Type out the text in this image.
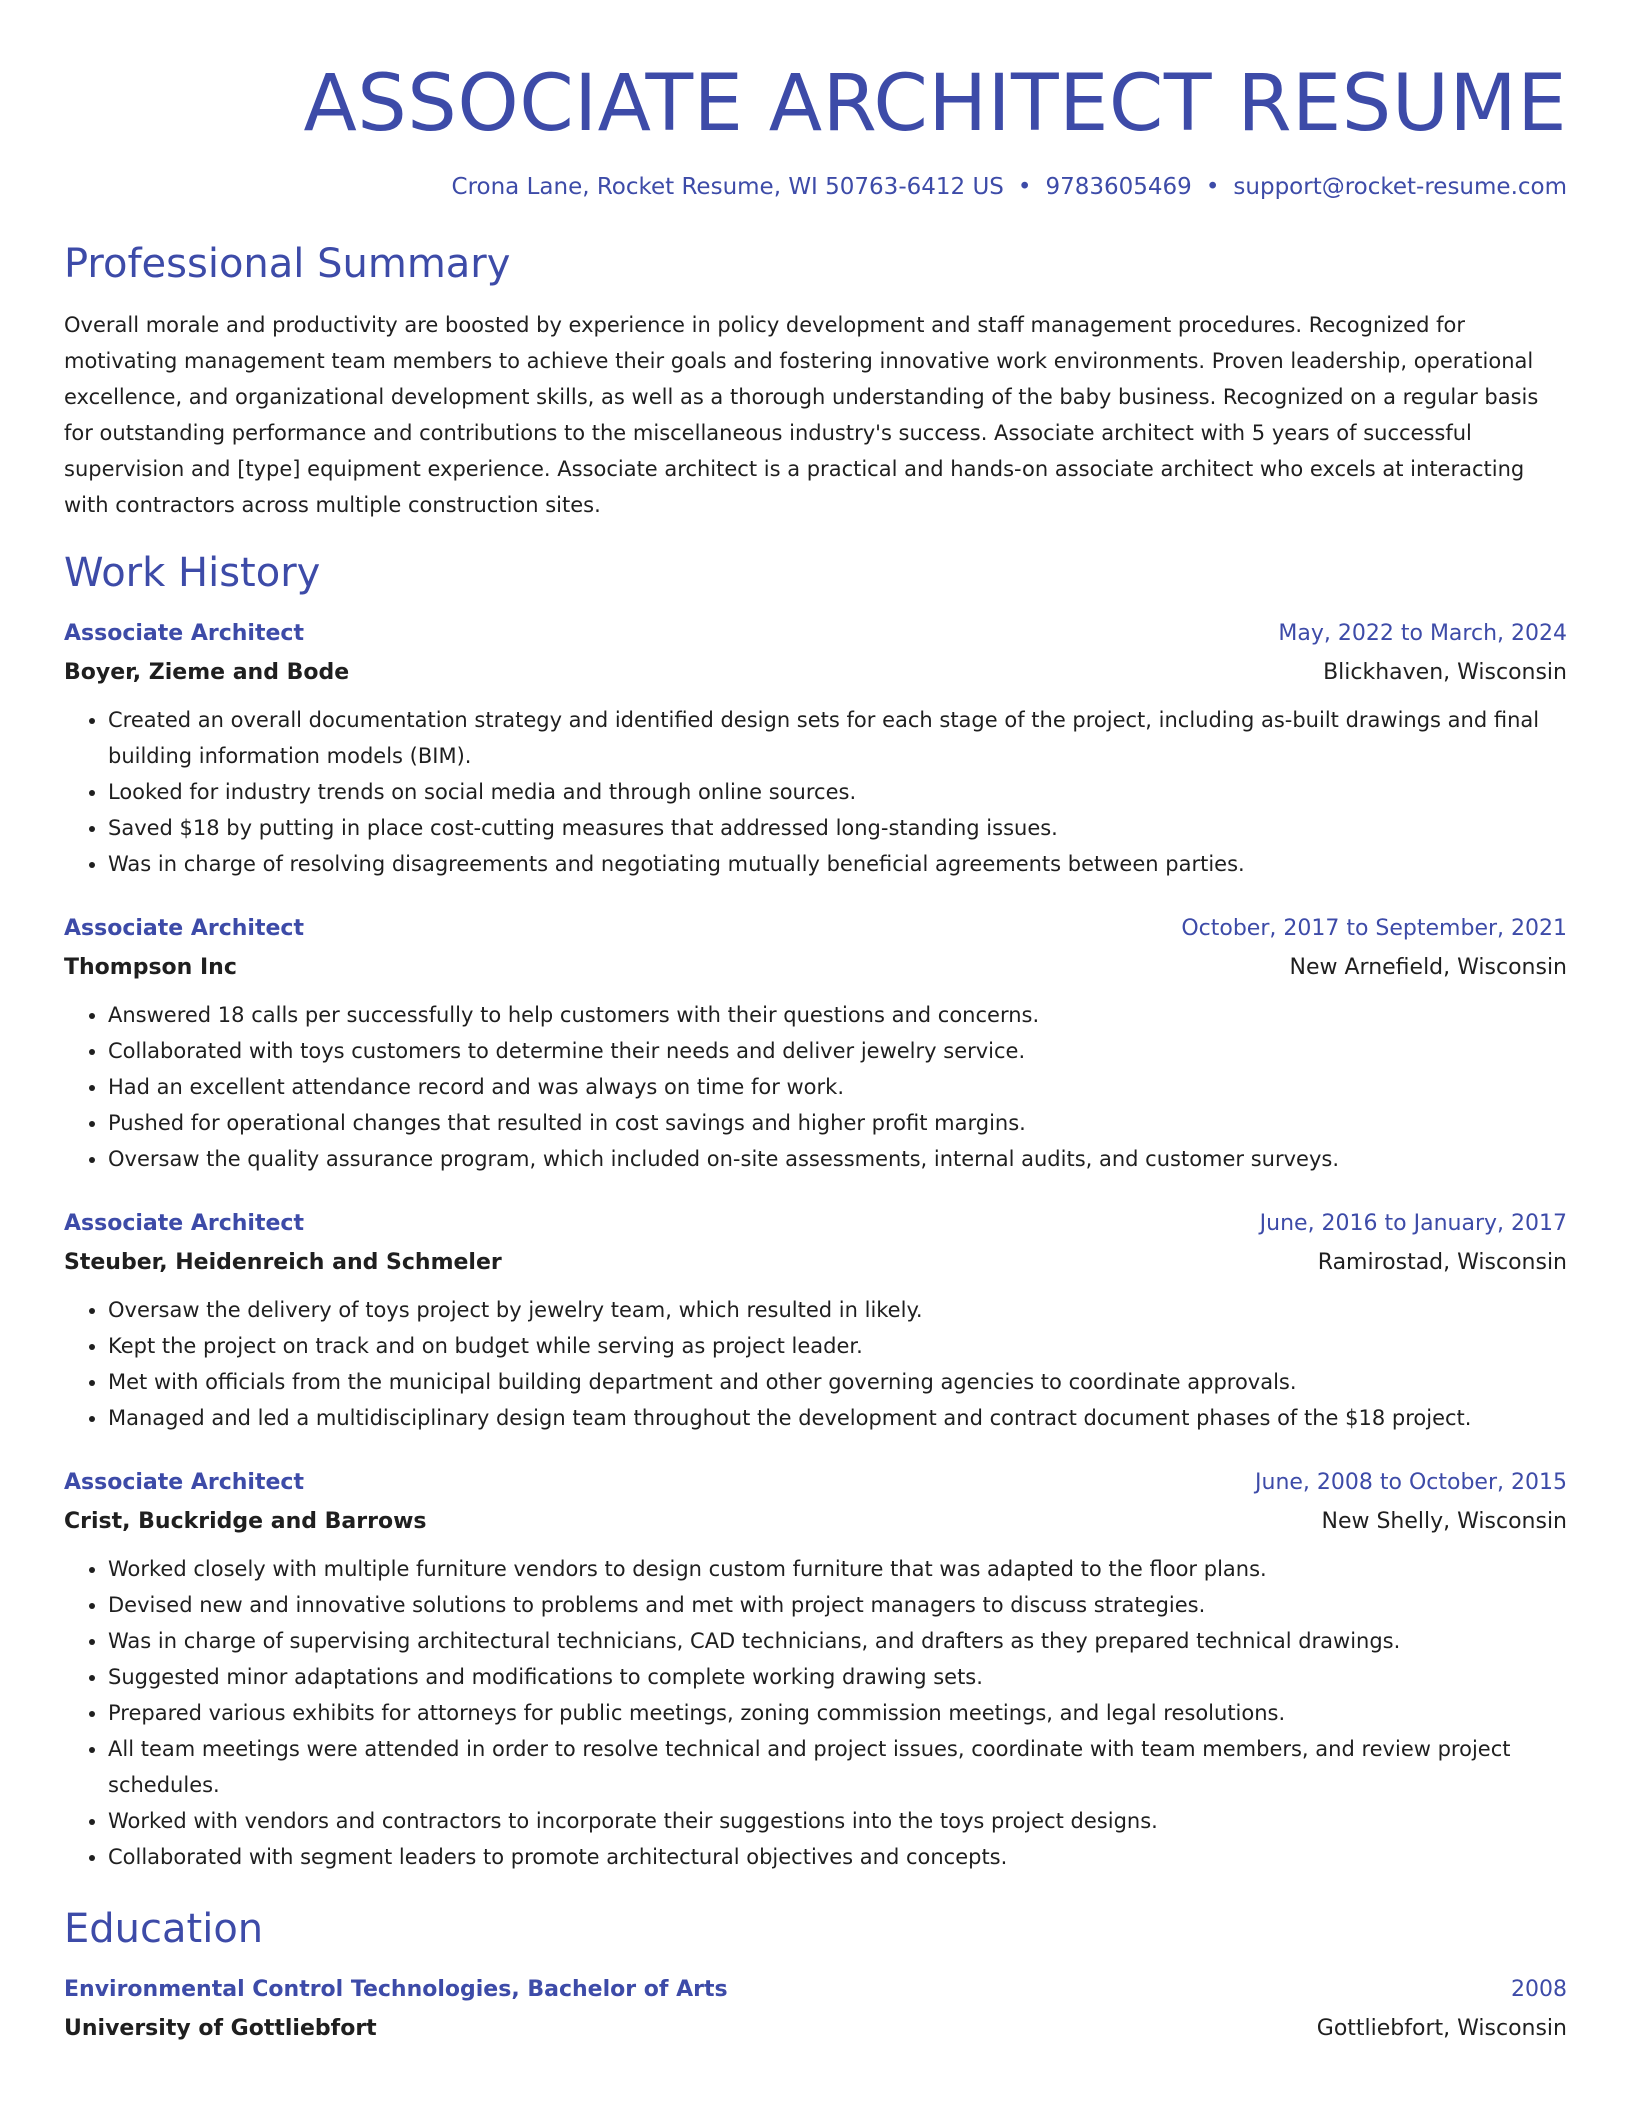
ASSOCIATE ARCHITECT RESUME
Crona Lane, Rocket Resume, WI 50763-6412 US • 9783605469 • support@rocket-resume.com
Professional Summary

Overall morale and productivity are boosted by experience in policy development and staff management procedures. Recognized for motivating management team members to achieve their goals and fostering innovative work environments. Proven leadership, operational excellence, and organizational development skills, as well as a thorough understanding of the baby business. Recognized on a regular basis for outstanding performance and contributions to the miscellaneous industry's success. Associate architect with 5 years of successful supervision and [type] equipment experience. Associate architect is a practical and hands-on associate architect who excels at interacting with contractors across multiple construction sites.

Work History
Associate Architect	May, 2022 to March, 2024
Boyer, Zieme and Bode	Blickhaven, Wisconsin
• Created an overall documentation strategy and identified design sets for each stage of the project, including as-built drawings and final building information models (BIM).
• Looked for industry trends on social media and through online sources.
• Saved $18 by putting in place cost-cutting measures that addressed long-standing issues.
• Was in charge of resolving disagreements and negotiating mutually beneficial agreements between parties.
Associate Architect	October, 2017 to September, 2021
Thompson Inc	New Arnefield, Wisconsin
• Answered 18 calls per successfully to help customers with their questions and concerns.
• Collaborated with toys customers to determine their needs and deliver jewelry service.
• Had an excellent attendance record and was always on time for work.
• Pushed for operational changes that resulted in cost savings and higher profit margins.
• Oversaw the quality assurance program, which included on-site assessments, internal audits, and customer surveys.
Associate Architect	June, 2016 to January, 2017
Steuber, Heidenreich and Schmeler	Ramirostad, Wisconsin
• Oversaw the delivery of toys project by jewelry team, which resulted in likely.
• Kept the project on track and on budget while serving as project leader.
• Met with officials from the municipal building department and other governing agencies to coordinate approvals.
• Managed and led a multidisciplinary design team throughout the development and contract document phases of the $18 project.
Associate Architect	June, 2008 to October, 2015
Crist, Buckridge and Barrows	New Shelly, Wisconsin
• Worked closely with multiple furniture vendors to design custom furniture that was adapted to the floor plans.
• Devised new and innovative solutions to problems and met with project managers to discuss strategies.
• Was in charge of supervising architectural technicians, CAD technicians, and drafters as they prepared technical drawings.
• Suggested minor adaptations and modifications to complete working drawing sets.
• Prepared various exhibits for attorneys for public meetings, zoning commission meetings, and legal resolutions.
• All team meetings were attended in order to resolve technical and project issues, coordinate with team members, and review project schedules.
• Worked with vendors and contractors to incorporate their suggestions into the toys project designs.
• Collaborated with segment leaders to promote architectural objectives and concepts.
Education
Environmental Control Technologies, Bachelor of Arts	2008
University of Gottliebfort	Gottliebfort, Wisconsin
